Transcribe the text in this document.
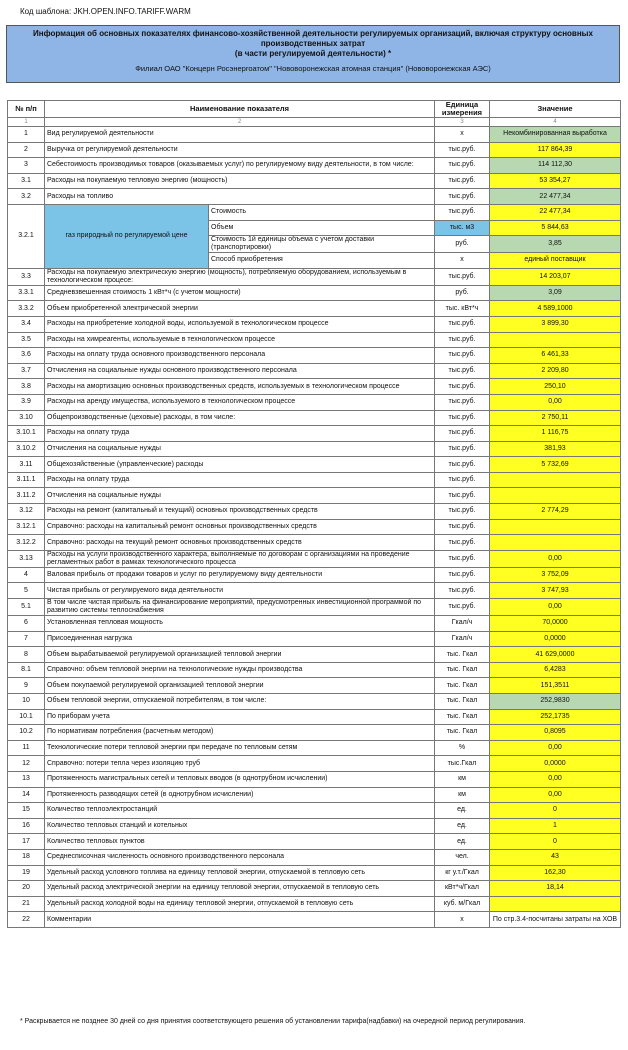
Код шаблона: JKH.OPEN.INFO.TARIFF.WARM
Информация об основных показателях финансово-хозяйственной деятельности регулируемых организаций, включая структуру основных производственных затрат
(в части регулируемой деятельности) *
Филиал ОАО "Концерн Росэнергоатом" "Нововоронежская атомная станция" (Нововоронежская АЭС)
№ п/п	Наименование показателя		Единица измерения	Значение
1	2		3	4
1	Вид регулируемой деятельности		х	Некомбинированная выработка
2	Выручка от регулируемой деятельности		тыс.руб.	117 864,39
3	Себестоимость производимых товаров (оказываемых услуг) по регулируемому виду деятельности, в том числе:		тыс.руб.	114 112,30
3.1	Расходы на покупаемую тепловую энергию (мощность)		тыс.руб.	53 354,27
3.2	Расходы на топливо		тыс.руб.	22 477,34
3.2.1	газ природный по регулируемой цене	Стоимость	тыс.руб.	22 477,34
		Объем	тыс. м3	5 844,63
		Стоимость 1й единицы объема с учетом доставки (транспортировки)	руб.	3,85
		Способ приобретения	х	единый поставщик
3.3	Расходы на покупаемую электрическую энергию (мощность), потребляемую оборудованием, используемым в технологическом процесе:		тыс.руб.	14 203,07
3.3.1	Средневзвешенная стоимость 1 кВт*ч (с учетом мощности)		руб.	3,09
3.3.2	Объем приобретенной электрической энергии		тыс. кВт*ч	4 589,1000
3.4	Расходы на приобретение холодной воды, используемой в технологическом процессе		тыс.руб.	3 899,30
3.5	Расходы на химреагенты, используемые в технологическом процессе		тыс.руб.	
3.6	Расходы на оплату труда основного производственного персонала		тыс.руб.	6 461,33
3.7	Отчисления на социальные нужды основного производственного персонала		тыс.руб.	2 209,80
3.8	Расходы на амортизацию основных производственных средств, используемых в технологическом процессе		тыс.руб.	250,10
3.9	Расходы на аренду имущества, используемого в технологическом процессе		тыс.руб.	0,00
3.10	Общепроизводственные (цеховые) расходы, в том числе:		тыс.руб.	2 750,11
3.10.1	Расходы на оплату труда		тыс.руб.	1 116,75
3.10.2	Отчисления на социальные нужды		тыс.руб.	381,93
3.11	Общехозяйственные (управленческие) расходы		тыс.руб.	5 732,69
3.11.1	Расходы на оплату труда		тыс.руб.	
3.11.2	Отчисления на социальные нужды		тыс.руб.	
3.12	Расходы на ремонт (капитальный и текущий) основных производственных средств		тыс.руб.	2 774,29
3.12.1	Справочно: расходы на капитальный ремонт основных производственных средств		тыс.руб.	
3.12.2	Справочно: расходы на текущий ремонт основных производственных средств		тыс.руб.	
3.13	Расходы на услуги производственного характера, выполняемые по договорам с организациями на проведение регламентных работ в рамках технологического процесса		тыс.руб.	0,00
4	Валовая прибыль от продажи товаров и услуг по регулируемому виду деятельности		тыс.руб.	3 752,09
5	Чистая прибыль от регулируемого вида деятельности		тыс.руб.	3 747,93
5.1	В том числе чистая прибыль на финансирование мероприятий, предусмотренных инвестиционной программой по развитию системы теплоснабжения		тыс.руб.	0,00
6	Установленная тепловая мощность		Гкал/ч	70,0000
7	Присоединенная нагрузка		Гкал/ч	0,0000
8	Объем вырабатываемой регулируемой организацией тепловой энергии		тыс. Гкал	41 629,0000
8.1	Справочно: объем тепловой энергии на технологические нужды производства		тыс. Гкал	6,4283
9	Объем покупаемой регулируемой организацией тепловой энергии		тыс. Гкал	151,3511
10	Объем тепловой энергии, отпускаемой потребителям, в том числе:		тыс. Гкал	252,9830
10.1	По приборам учета		тыс. Гкал	252,1735
10.2	По нормативам потребления (расчетным методом)		тыс. Гкал	0,8095
11	Технологические потери тепловой энергии при передаче по тепловым сетям		%	0,00
12	Справочно: потери тепла через изоляцию труб		тыс.Гкал	0,0000
13	Протяженность магистральных сетей и тепловых вводов (в однотрубном исчислении)		км	0,00
14	Протяженность разводящих сетей (в однотрубном исчислении)		км	0,00
15	Количество теплоэлектростанций		ед.	0
16	Количество тепловых станций и котельных		ед.	1
17	Количество тепловых пунктов		ед.	0
18	Среднесписочная численность основного производственного персонала		чел.	43
19	Удельный расход условного топлива на единицу тепловой энергии, отпускаемой в тепловую сеть		кг у.т./Гкал	162,30
20	Удельный расход электрической энергии на единицу тепловой энергии, отпускаемой в тепловую сеть		кВт*ч/Гкал	18,14
21	Удельный расход холодной воды на единицу тепловой энергии, отпускаемой в тепловую сеть		куб. м/Гкал	
22	Комментарии		х	По стр.3.4-посчитаны затраты на ХОВ
* Раскрывается не позднее 30 дней со дня принятия соответствующего решения об установлении тарифа(надбавки) на очередной период регулирования.
